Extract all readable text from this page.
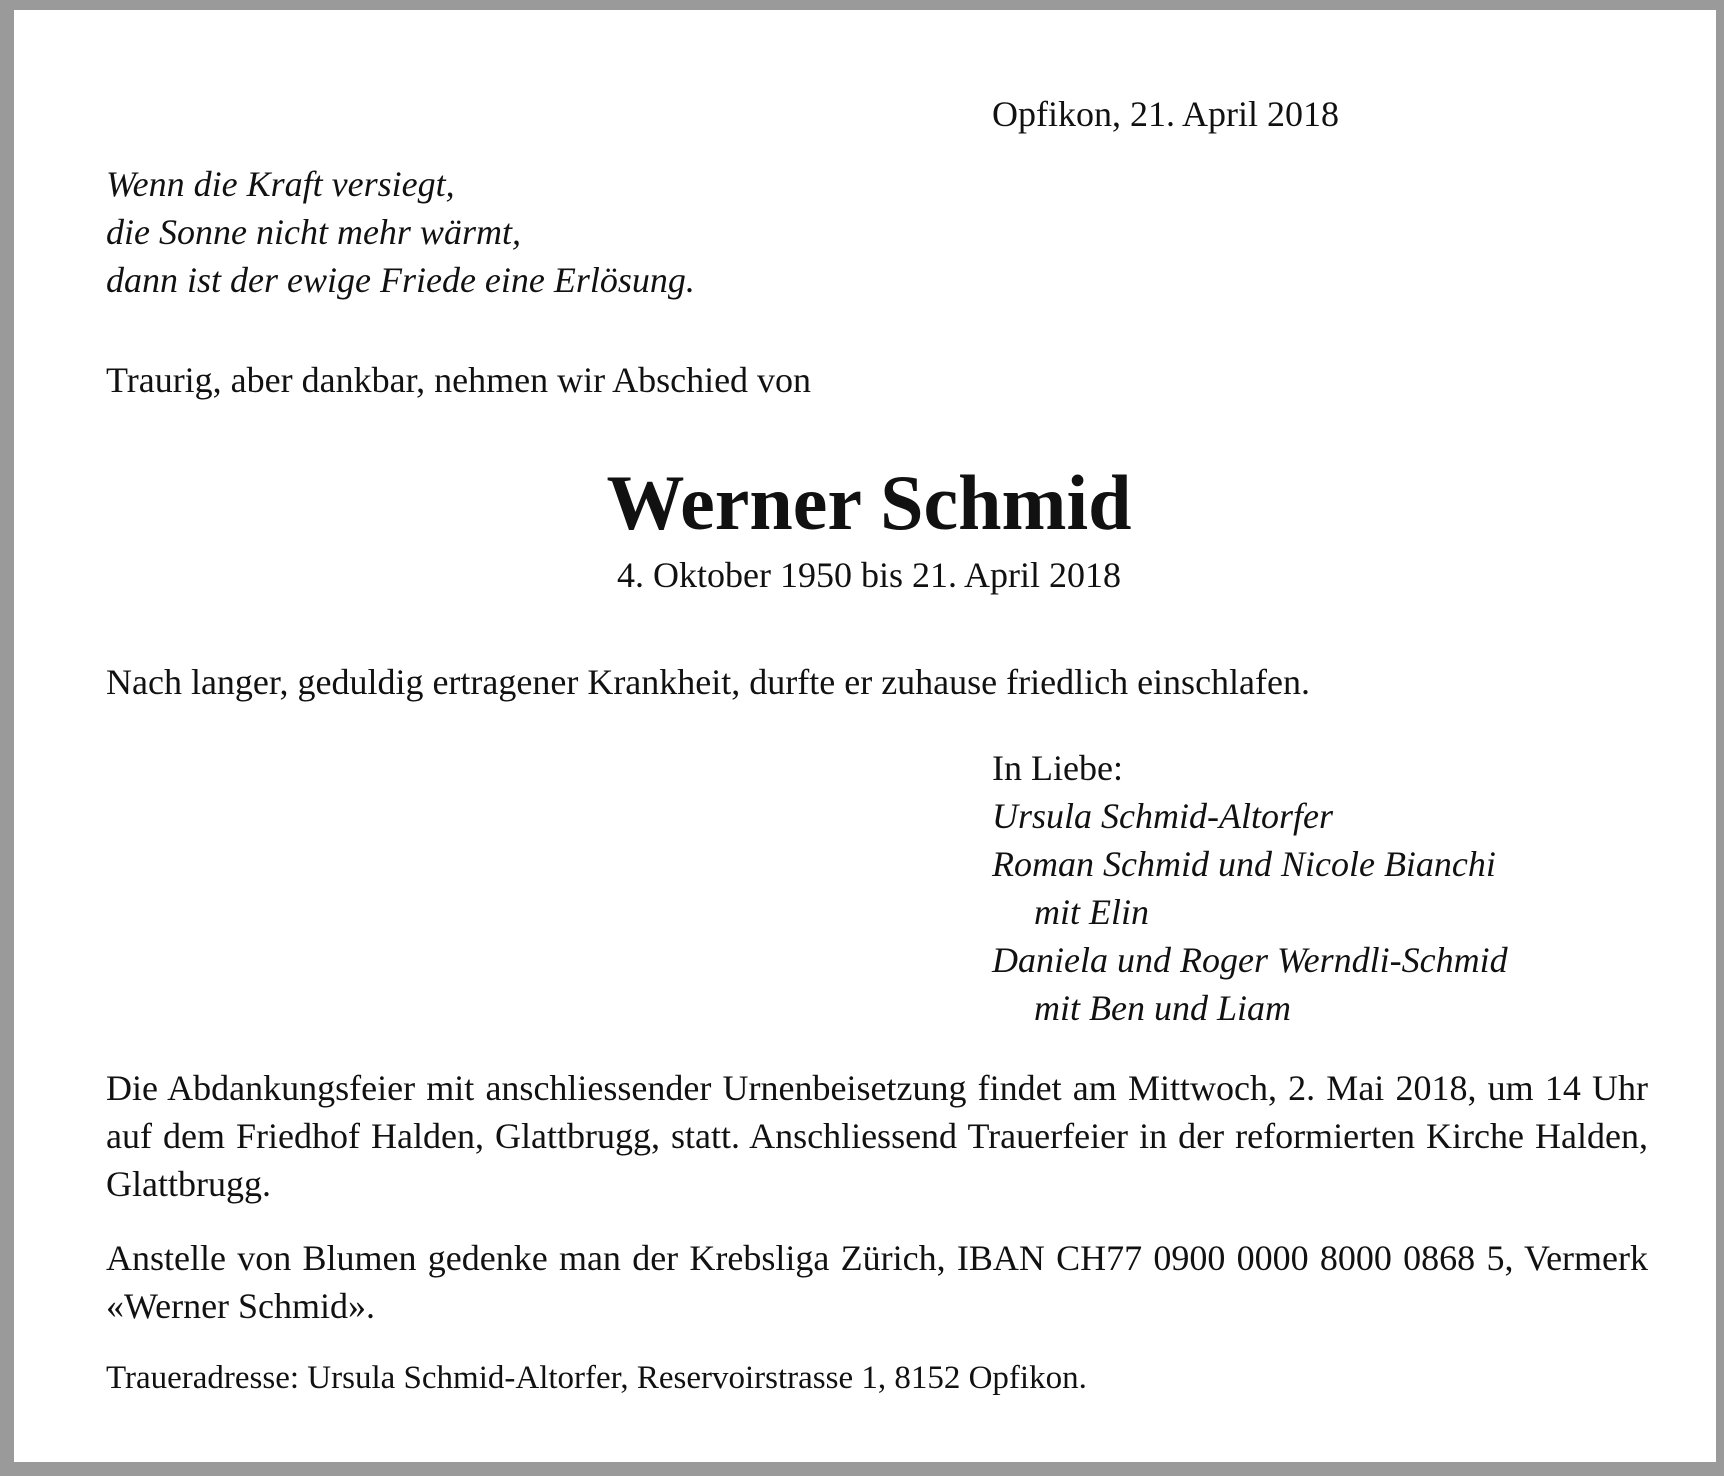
Opfikon, 21. April 2018

Wenn die Kraft versiegt,

die Sonne nicht mehr wärmt,

dann ist der ewige Friede eine Erlösung.

Traurig, aber dankbar, nehmen wir Abschied von

Werner Schmid

4. Oktober 1950 bis 21. April 2018

Nach langer, geduldig ertragener Krankheit, durfte er zuhause friedlich einschlafen.

In Liebe:

Ursula Schmid-Altorfer

Roman Schmid und Nicole Bianchi

mit Elin

Daniela und Roger Werndli-Schmid

mit Ben und Liam

Die Abdankungsfeier mit anschliessender Urnenbeisetzung findet am Mittwoch, 2. Mai 2018, um 14 Uhr auf dem Friedhof Halden, Glattbrugg, statt. Anschliessend Trauerfeier in der reformierten Kirche Halden, Glattbrugg.

Anstelle von Blumen gedenke man der Krebsliga Zürich, IBAN CH77 0900 0000 8000 0868 5, Vermerk «Werner Schmid».

Traueradresse: Ursula Schmid-Altorfer, Reservoirstrasse 1, 8152 Opfikon.
